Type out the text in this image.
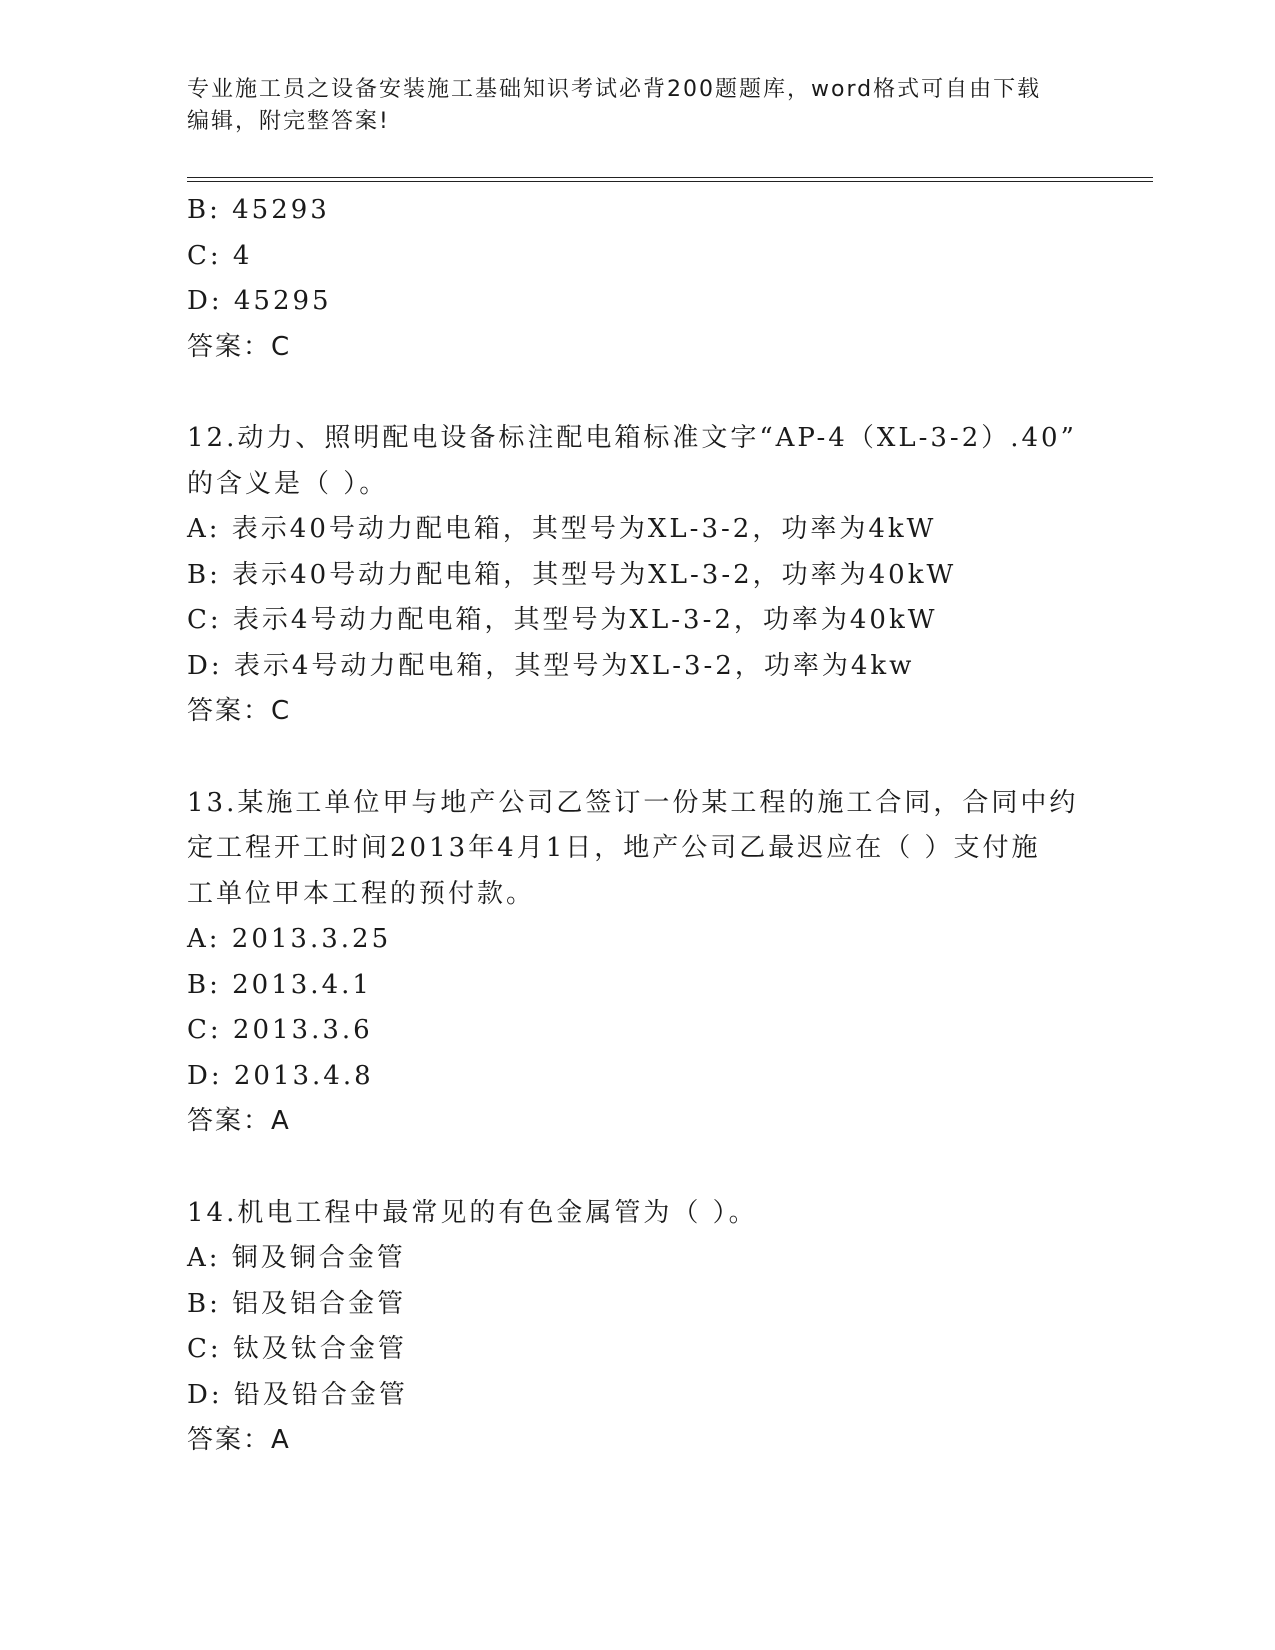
专业施工员之设备安装施工基础知识考试必背200题题库，word格式可自由下载
编辑，附完整答案!
B: 45293
C: 4
D: 45295
答案：C
12.动力、照明配电设备标注配电箱标准文字“AP-4（XL-3-2）.40”
的含义是（ ）。
A: 表示40号动力配电箱，其型号为XL-3-2，功率为4kW
B: 表示40号动力配电箱，其型号为XL-3-2，功率为40kW
C: 表示4号动力配电箱，其型号为XL-3-2，功率为40kW
D: 表示4号动力配电箱，其型号为XL-3-2，功率为4kw
答案：C
13.某施工单位甲与地产公司乙签订一份某工程的施工合同，合同中约
定工程开工时间2013年4月1日，地产公司乙最迟应在（ ）支付施
工单位甲本工程的预付款。
A: 2013.3.25
B: 2013.4.1
C: 2013.3.6
D: 2013.4.8
答案：A
14.机电工程中最常见的有色金属管为（ ）。
A: 铜及铜合金管
B: 铝及铝合金管
C: 钛及钛合金管
D: 铅及铅合金管
答案：A
